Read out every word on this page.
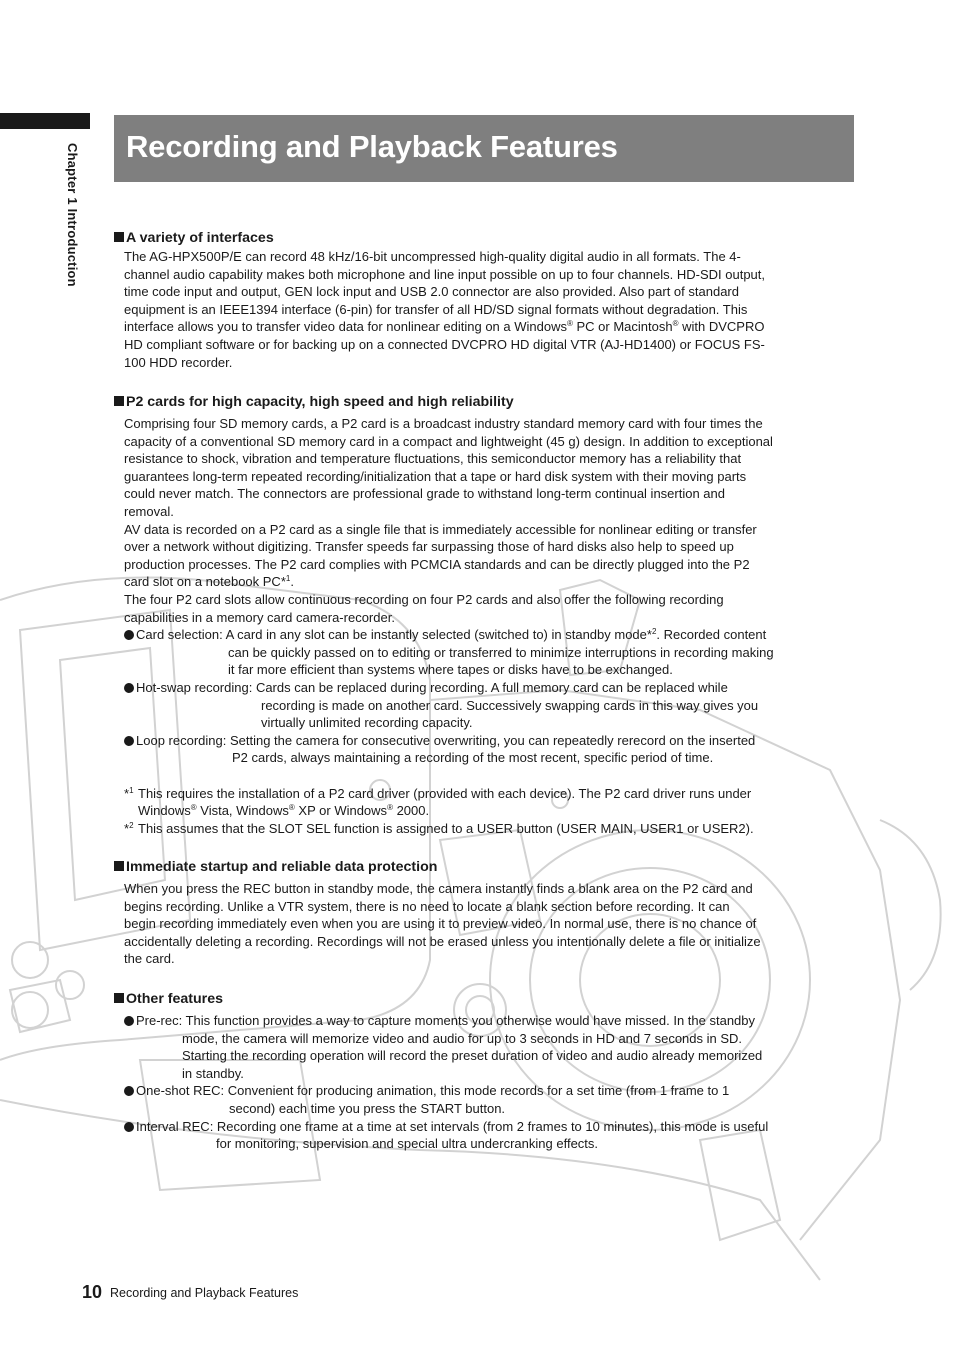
Chapter 1 Introduction Recording and Playback Features
A variety of interfaces
The AG-HPX500P/E can record 48 kHz/16-bit uncompressed high-quality digital audio in all formats. The 4-
channel audio capability makes both microphone and line input possible on up to four channels. HD-SDI output,
time code input and output, GEN lock input and USB 2.0 connector are also provided. Also part of standard
equipment is an IEEE1394 interface (6-pin) for transfer of all HD/SD signal formats without degradation. This
interface allows you to transfer video data for nonlinear editing on a Windows® PC or Macintosh® with DVCPRO
HD compliant software or for backing up on a connected DVCPRO HD digital VTR (AJ-HD1400) or FOCUS FS-
100 HDD recorder.
P2 cards for high capacity, high speed and high reliability
Comprising four SD memory cards, a P2 card is a broadcast industry standard memory card with four times the
capacity of a conventional SD memory card in a compact and lightweight (45 g) design. In addition to exceptional
resistance to shock, vibration and temperature fluctuations, this semiconductor memory has a reliability that
guarantees long-term repeated recording/initialization that a tape or hard disk system with their moving parts
could never match. The connectors are professional grade to withstand long-term continual insertion and
removal.
AV data is recorded on a P2 card as a single file that is immediately accessible for nonlinear editing or transfer
over a network without digitizing. Transfer speeds far surpassing those of hard disks also help to speed up
production processes. The P2 card complies with PCMCIA standards and can be directly plugged into the P2
card slot on a notebook PC*$^1$.
The four P2 card slots allow continuous recording on four P2 cards and also offer the following recording
capabilities in a memory card camera-recorder.
Card selection: A card in any slot can be instantly selected (switched to) in standby mode*$^2$. Recorded content
can be quickly passed on to editing or transferred to minimize interruptions in recording making
it far more efficient than systems where tapes or disks have to be exchanged.
Hot-swap recording: Cards can be replaced during recording. A full memory card can be replaced while
recording is made on another card. Successively swapping cards in this way gives you
virtually unlimited recording capacity.
Loop recording: Setting the camera for consecutive overwriting, you can repeatedly rerecord on the inserted
P2 cards, always maintaining a recording of the most recent, specific period of time.
*$^1$ This requires the installation of a P2 card driver (provided with each device). The P2 card driver runs under
Windows® Vista, Windows® XP or Windows® 2000.
*$^2$ This assumes that the SLOT SEL function is assigned to a USER button (USER MAIN, USER1 or USER2).
Immediate startup and reliable data protection
When you press the REC button in standby mode, the camera instantly finds a blank area on the P2 card and
begins recording. Unlike a VTR system, there is no need to locate a blank section before recording. It can
begin recording immediately even when you are using it to preview video. In normal use, there is no chance of
accidentally deleting a recording. Recordings will not be erased unless you intentionally delete a file or initialize
the card.
Other features
Pre-rec: This function provides a way to capture moments you otherwise would have missed. In the standby
mode, the camera will memorize video and audio for up to 3 seconds in HD and 7 seconds in SD.
Starting the recording operation will record the preset duration of video and audio already memorized
in standby.
One-shot REC: Convenient for producing animation, this mode records for a set time (from 1 frame to 1
second) each time you press the START button.
Interval REC: Recording one frame at a time at set intervals (from 2 frames to 10 minutes), this mode is useful
for monitoring, supervision and special ultra undercranking effects.
10 Recording and Playback Features
